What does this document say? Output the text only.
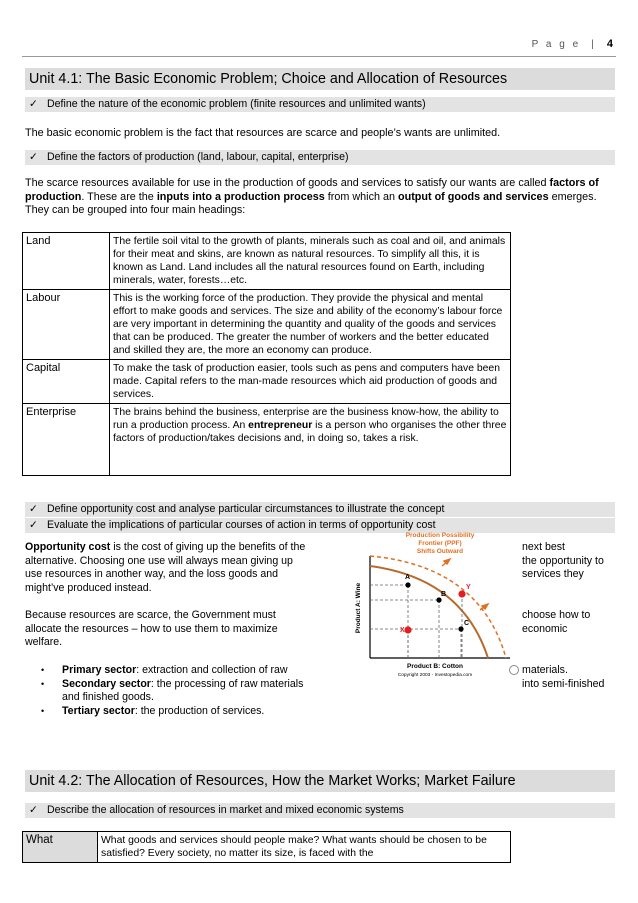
P a g e  |  4
Unit 4.1: The Basic Economic Problem; Choice and Allocation of Resources
✓ Define the nature of the economic problem (finite resources and unlimited wants)
The basic economic problem is the fact that resources are scarce and people’s wants are unlimited.
✓ Define the factors of production (land, labour, capital, enterprise)
The scarce resources available for use in the production of goods and services to satisfy our wants are called factors of production. These are the inputs into a production process from which an output of goods and services emerges. They can be grouped into four main headings:
Land	The fertile soil vital to the growth of plants, minerals such as coal and oil, and animals for their meat and skins, are known as natural resources. To simplify all this, it is known as Land. Land includes all the natural resources found on Earth, including minerals, water, forests…etc.
Labour	This is the working force of the production. They provide the physical and mental effort to make goods and services. The size and ability of the economy’s labour force are very important in determining the quantity and quality of the goods and services that can be produced. The greater the number of workers and the better educated and skilled they are, the more an economy can produce.
Capital	To make the task of production easier, tools such as pens and computers have been made. Capital refers to the man-made resources which aid production of goods and services.
Enterprise	The brains behind the business, enterprise are the business know-how, the ability to run a production process. An entrepreneur is a person who organises the other three factors of production/takes decisions and, in doing so, takes a risk.
✓ Define opportunity cost and analyse particular circumstances to illustrate the concept
✓ Evaluate the implications of particular courses of action in terms of opportunity cost
Opportunity cost is the cost of giving up the benefits of the
alternative. Choosing one use will always mean giving up
use resources in another way, and the loss goods and
might’ve produced instead.
Because resources are scarce, the Government must
allocate the resources – how to use them to maximize
welfare.
• Primary sector: extraction and collection of raw
• Secondary sector: the processing of raw materials
and finished goods.
• Tertiary sector: the production of services.
next best
the opportunity to
services they
choose how to
economic
materials.
into semi-finished
Production Possibility
Frontier (PPF)
Shifts Outward
Product A: Wine
Product B: Cotton
Copyright 2003 - Investopedia.com
A
B
C
X
Y
Unit 4.2: The Allocation of Resources, How the Market Works; Market Failure
✓ Describe the allocation of resources in market and mixed economic systems
What	What goods and services should people make? What wants should be chosen to be satisfied? Every society, no matter its size, is faced with the
